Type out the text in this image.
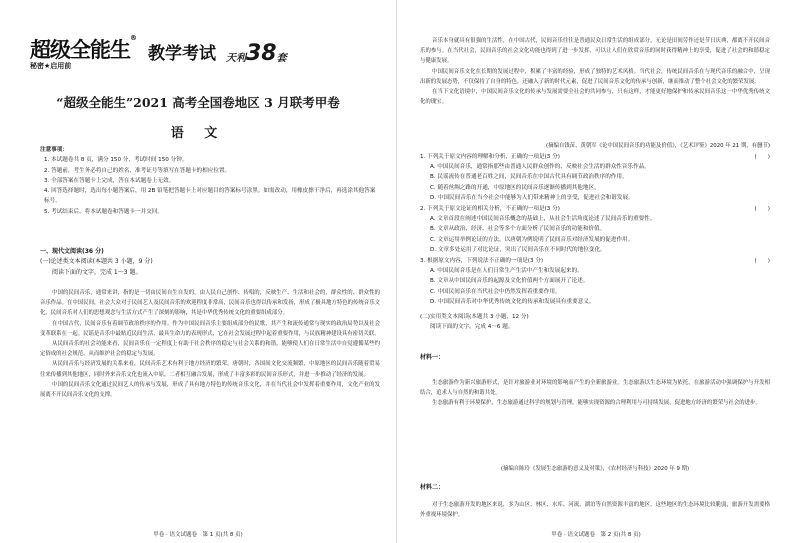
超级全能生®
教学考试 天利 38 套
秘密★启用前
“超级全能生”2021 高考全国卷地区 3 月联考甲卷
语 文
注意事项：
1. 本试题卷共 8 页，满分 150 分，考试时间 150 分钟。
2. 答题前，考生务必将自己的姓名、准考证号等填写在答题卡的相应位置。
3. 全部答案在答题卡上完成，答在本试题卷上无效。
4. 回答选择题时，选出每小题答案后，用 2B 铅笔把答题卡上对应题目的答案标号涂黑。如需改动，用橡皮擦干净后，再选涂其他答案标号。
5. 考试结束后，将本试题卷和答题卡一并交回。
一、现代文阅读(36 分)
(一)论述类文本阅读(本题共 3 小题，9 分)
阅读下面的文字，完成 1～3 题。

中国的民间音乐，通常来讲，指的是一切由民间自生自发的，由人民自己创作、传唱的，反映生产、生活和社会的，群众性的、群众性的音乐作品。在中国民间，社会大众对于民间艺人及民间音乐的欢迎程度非常高，民间音乐也得以传承和发扬，形成了极具地方特色的传统音乐文化，民间音乐对人们的思想观念与生活方式产生了深刻的影响，其是中华优秀传统文化的重要组成部分。

在中国古代，民间音乐有着调节政治秩序的作用。作为中国民间音乐主要组成部分的民歌，其产生和流传通常与现实的政治局势以及社会变革联系在一起。民谣是音乐中最贴近民间生活、最具生命力的表现形式，它在社会发展过程中起着重要作用，与民族精神建设具有密切关联。

从民间音乐的社会功能来看，民间音乐在一定程度上有助于社会秩序的稳定与社会关系的和谐，能够使人们在日常生活中自觉遵循某些约定俗成的社会规范，从而维护社会的稳定与发展。

从民间音乐与经济发展的关系来看，民间音乐艺术有利于地方经济的繁荣。唐朝时，各国间文化交流频繁，中原地区的民间音乐随着贸易往来传播到其他地区，同时外来音乐文化也流入中原，二者相互融合发展，形成了丰富多彩的民间音乐形式，并进一步推动了经济的发展。

中国的民间音乐文化通过民间艺人的传承与发展，形成了具有地方特色的传统音乐文化，并在当代社会中发挥着重要作用，文化产业的发展离不开民间音乐文化的支撑。

甲卷 · 语文试题卷　第 1 页(共 8 页)

音乐本身就具有很强的生活性，在中国古代，民间音乐往往是普通民众日常生活的组成部分，无论是田间劳作还是节日庆典，都离不开民间音乐的参与。在当代社会，民间音乐的社会文化功能也得到了进一步发挥，可以让人们在欣赏音乐的同时获得精神上的享受，促进了社会的和谐稳定与健康发展。

中国民间音乐文化在长期的发展过程中，积累了丰富的经验，形成了独特的艺术风格。当代社会，传统民间音乐在与现代音乐的融合中，呈现出新的发展态势，不仅保持了自身的特色，还融入了新的时代元素，促进了民间音乐文化的传承与创新，继而推动了整个社会文化的繁荣发展。

在当下文化语境中，中国民间音乐文化的传承与发展需要全社会的共同参与，只有这样，才能更好地保护和传承民间音乐这一中华优秀传统文化的瑰宝。

(摘编自钱苗、黄朝军《论中国民间音乐的功能及价值》，《艺术评鉴》2020 年 21 期，有删节)
1. 下列关于原文内容的理解和分析，正确的一项是(3 分)	(　　)
A. 中国民间音乐，通常指那些由普通人民群众创作的、反映社会生活的群众性音乐作品。
B. 民谣流传在普通老百姓之间，民间音乐在中国古代具有调节政治秩序的作用。
C. 随着丝绸之路的开通，中原地区的民间音乐逐渐传播到其他地区。
D. 中国民间音乐在当今社会中能够为人们带来精神上的享受，促进社会和谐发展。
2. 下列关于原文论证的相关分析，不正确的一项是(3 分)	(　　)
A. 文章首段在阐述中国民间音乐概念的基础上，从社会生活角度论述了民间音乐的重要性。
B. 文章从政治、经济、社会等多个方面分析了民间音乐的功能和价值。
C. 文章运用举例论证的方法，以唐朝为例说明了民间音乐对经济发展的促进作用。
D. 文章多处运用了对比论证，突出了民间音乐在不同时代的地位变化。
3. 根据原文内容，下列说法不正确的一项是(3 分)	(　　)
A. 中国民间音乐是在人们日常生产生活中产生和发展起来的。
B. 文章从中国民间音乐的起源及文化价值两个方面展开了论述。
C. 中国民间音乐在当代社会中仍然发挥着重要作用。
D. 中国民间音乐对中华优秀传统文化的传承和发展具有重要意义。
(二)实用类文本阅读(本题共 3 小题，12 分)
阅读下面的文字，完成 4～6 题。
材料一：

生态旅游作为新兴旅游形式，是针对旅游业对环境的影响而产生的全新旅游业。生态旅游以生态环境为依托，在旅游活动中强调保护与开发相结合，追求人与自然的和谐共处。

生态旅游有利于环境保护，生态旅游通过科学的规划与管理，能够实现资源的合理利用与可持续发展，促进地方经济的繁荣与社会的进步。

(摘编自陈玲《发展生态旅游的意义及对策》，《农村经济与科技》2020 年 9 期)
材料二：

对于生态旅游开发的地区来说，多为山区、林区、水库、河流、湖泊等自然资源丰富的地区，这些地区的生态环境比较脆弱，旅游开发需要格外重视环境保护。

甲卷 · 语文试题卷　第 2 页(共 8 页)
